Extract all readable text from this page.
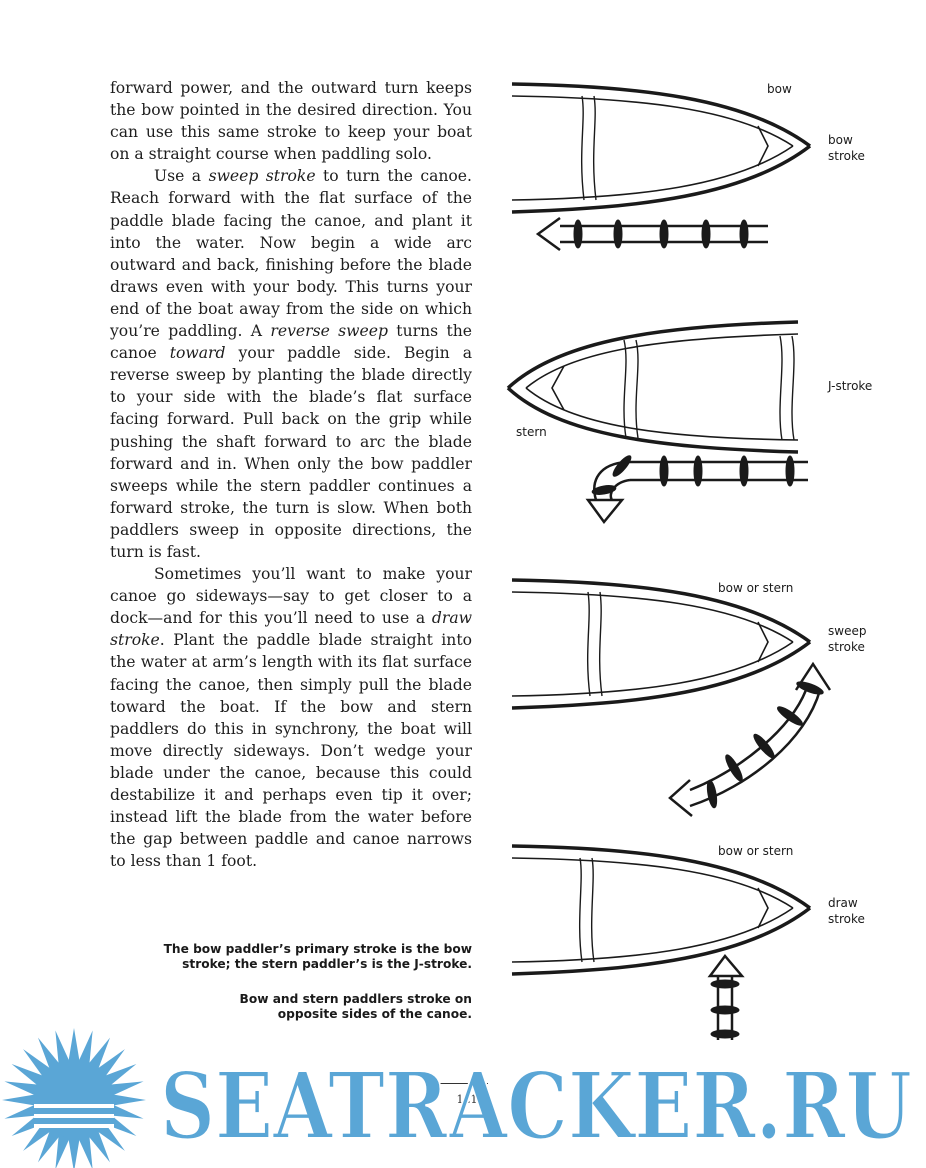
forward power, and the outward turn keeps the bow pointed in the desired direction. You can use this same stroke to keep your boat on a straight course when paddling solo.

Use a sweep stroke to turn the canoe. Reach forward with the flat surface of the paddle blade facing the canoe, and plant it into the water. Now begin a wide arc outward and back, finishing before the blade draws even with your body. This turns your end of the boat away from the side on which you’re paddling. A reverse sweep turns the canoe toward your paddle side. Begin a reverse sweep by planting the blade directly to your side with the blade’s flat surface facing forward. Pull back on the grip while pushing the shaft forward to arc the blade forward and in. When only the bow paddler sweeps while the stern paddler continues a forward stroke, the turn is slow. When both paddlers sweep in opposite directions, the turn is fast.

Sometimes you’ll want to make your canoe go sideways—say to get closer to a dock—and for this you’ll need to use a draw stroke. Plant the paddle blade straight into the water at arm’s length with its flat surface facing the canoe, then simply pull the blade toward the boat. If the bow and stern paddlers do this in synchrony, the boat will move directly sideways. Don’t wedge your blade under the canoe, because this could destabilize it and perhaps even tip it over; instead lift the blade from the water before the gap between paddle and canoe narrows to less than 1 foot.

bow

bow

stroke

J-stroke

stern

bow or stern

sweep

stroke

bow or stern

draw

stroke

The bow paddler’s primary stroke is the bow
stroke; the stern paddler’s is the J-stroke.
Bow and stern paddlers stroke on
opposite sides of the canoe.
121
SEATRACKER.RU
